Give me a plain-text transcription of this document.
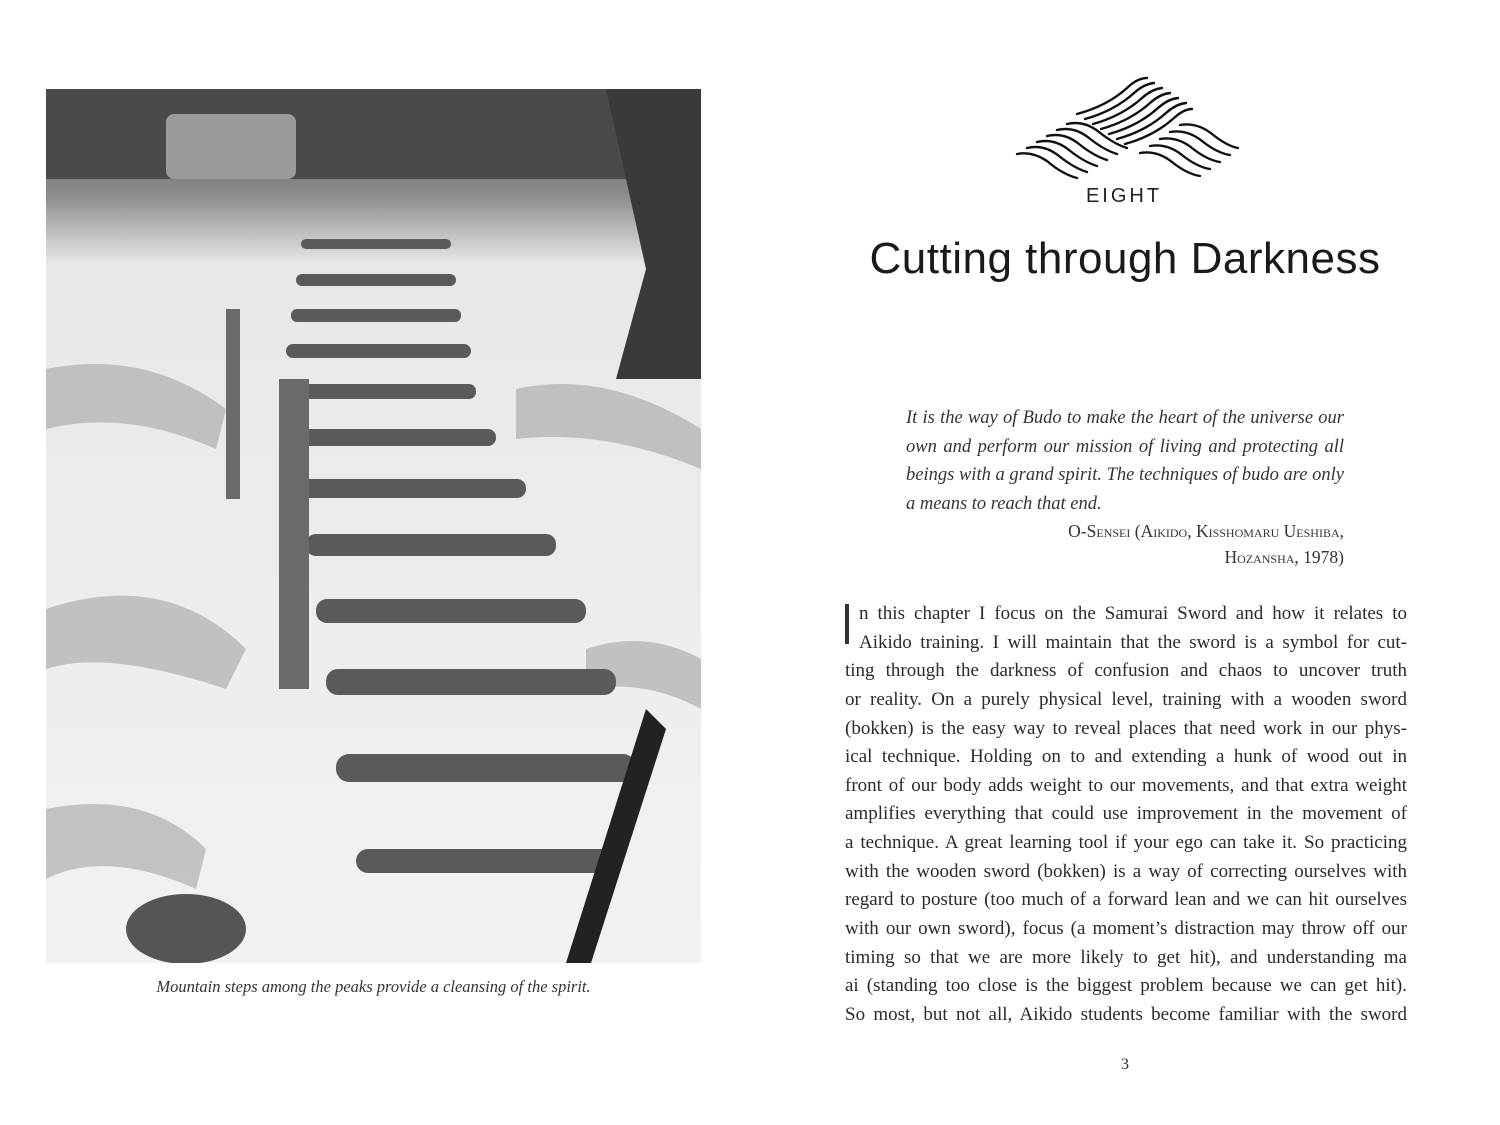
Mountain steps among the peaks provide a cleansing of the spirit.
EIGHT
Cutting through Darkness
It is the way of Budo to make the heart of the universe our
own and perform our mission of living and protecting all
beings with a grand spirit. The techniques of budo are only
a means to reach that end.
O-Sensei (Aikido, Kisshomaru Ueshiba,
Hozansha, 1978)
n this chapter I focus on the Samurai Sword and how it relates to
Aikido training. I will maintain that the sword is a symbol for cut-
ting through the darkness of confusion and chaos to uncover truth
or reality. On a purely physical level, training with a wooden sword
(bokken) is the easy way to reveal places that need work in our phys-
ical technique. Holding on to and extending a hunk of wood out in
front of our body adds weight to our movements, and that extra weight
amplifies everything that could use improvement in the movement of
a technique. A great learning tool if your ego can take it. So practicing
with the wooden sword (bokken) is a way of correcting ourselves with
regard to posture (too much of a forward lean and we can hit ourselves
with our own sword), focus (a moment’s distraction may throw off our
timing so that we are more likely to get hit), and understanding ma
ai (standing too close is the biggest problem because we can get hit).
So most, but not all, Aikido students become familiar with the sword
3
